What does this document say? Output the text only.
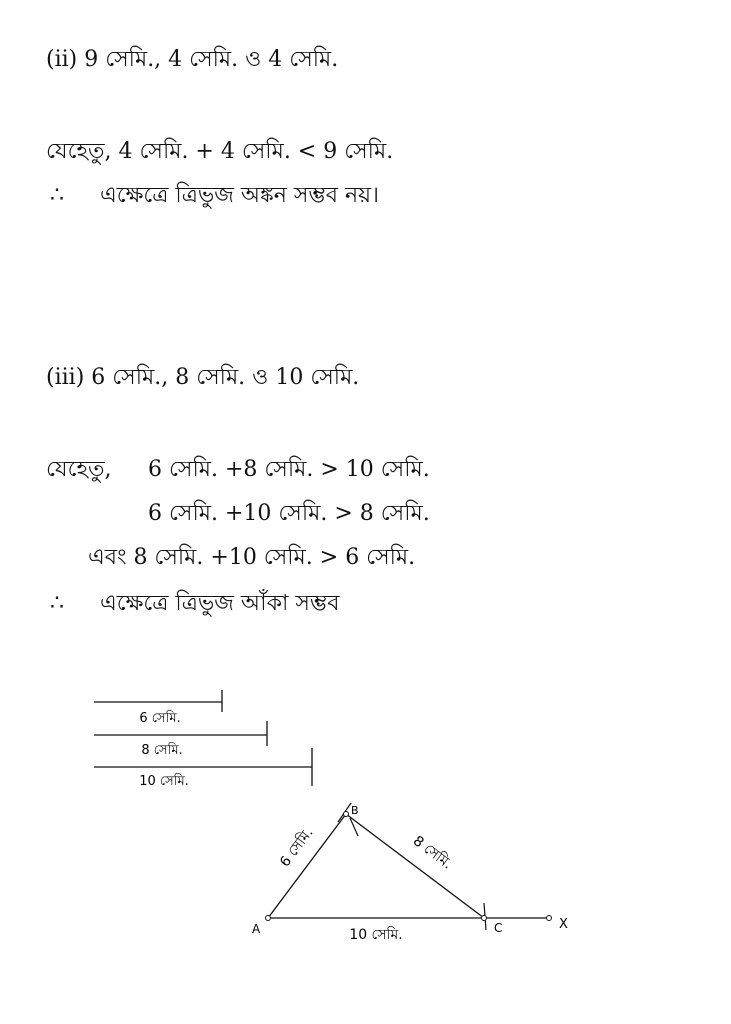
(ii) 9 সেমি., 4 সেমি. ও 4 সেমি.
যেহেতু, 4 সেমি. + 4 সেমি. < 9 সেমি.
∴ এক্ষেত্রে ত্রিভুজ অঙ্কন সম্ভব নয়।
(iii) 6 সেমি., 8 সেমি. ও 10 সেমি.
যেহেতু, 6 সেমি. +8 সেমি. > 10 সেমি.
6 সেমি. +10 সেমি. > 8 সেমি.
এবং 8 সেমি. +10 সেমি. > 6 সেমি.
∴ এক্ষেত্রে ত্রিভুজ আঁকা সম্ভব
6 সেমি.
8 সেমি.
10 সেমি.
A
B
C	X
6 সেমি.	8 সেমি.
10 সেমি.
